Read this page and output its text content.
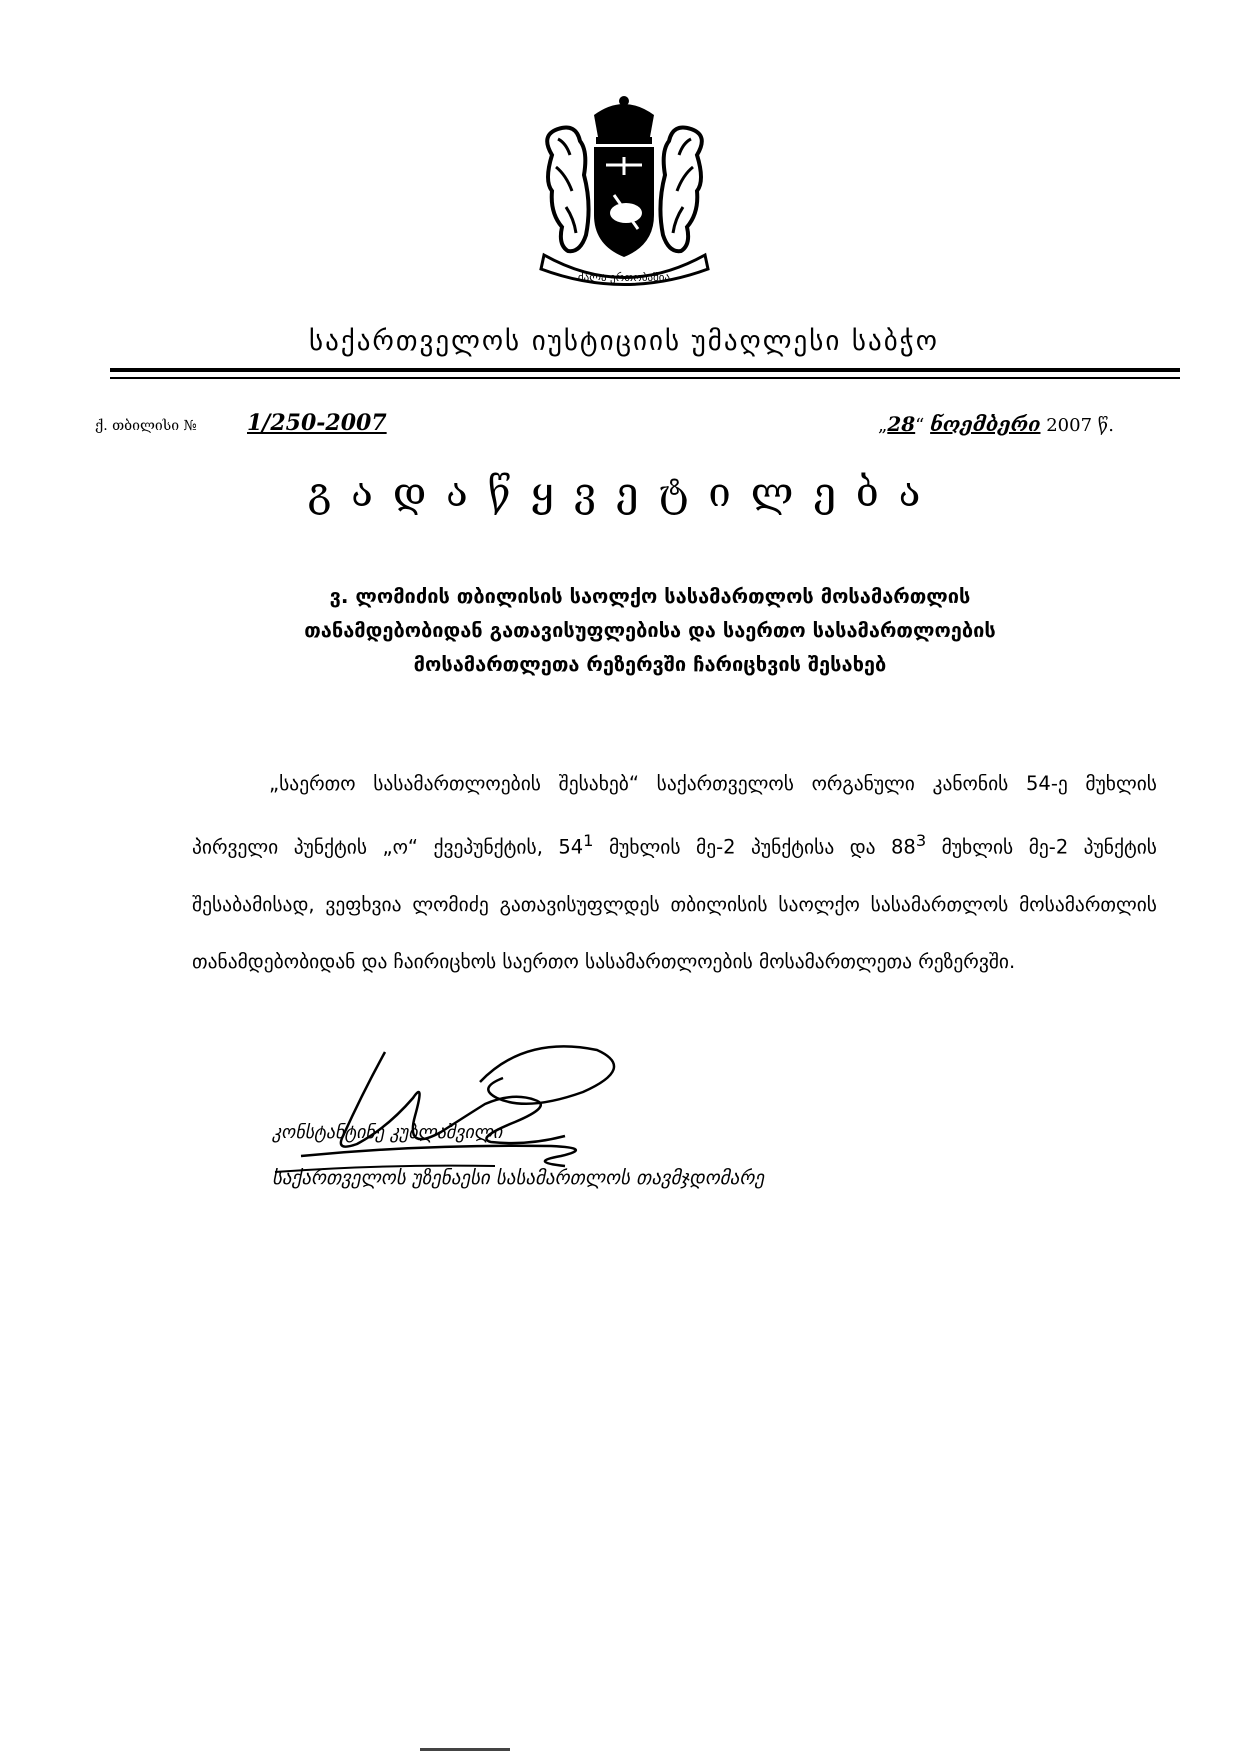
ძალა ერთობაშია
საქართველოს იუსტიციის უმაღლესი საბჭო
ქ. თბილისი № 1/250-2007	„28“ ნოემბერი 2007 წ.
გადაწყვეტილება
ვ. ლომიძის თბილისის საოლქო სასამართლოს მოსამართლის თანამდებობიდან გათავისუფლებისა და საერთო სასამართლოების მოსამართლეთა რეზერვში ჩარიცხვის შესახებ

„საერთო სასამართლოების შესახებ“ საქართველოს ორგანული კანონის 54-ე მუხლის პირველი პუნქტის „ო“ ქვეპუნქტის, $54^1$ მუხლის მე-2 პუნქტისა და $88^3$ მუხლის მე-2 პუნქტის შესაბამისად, ვეფხვია ლომიძე გათავისუფლდეს თბილისის საოლქო სასამართლოს მოსამართლის თანამდებობიდან და ჩაირიცხოს საერთო სასამართლოების მოსამართლეთა რეზერვში.

კონსტანტინე კუბლაშვილი
საქართველოს უზენაესი სასამართლოს თავმჯდომარე
